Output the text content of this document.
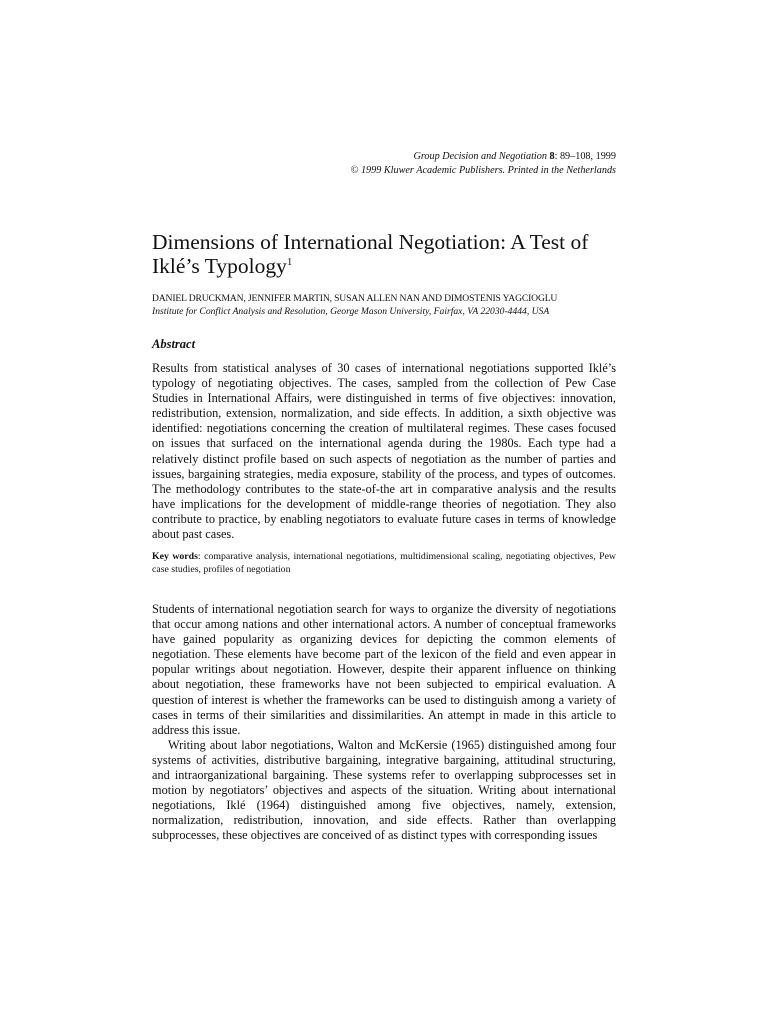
Group Decision and Negotiation 8: 89–108, 1999
© 1999 Kluwer Academic Publishers. Printed in the Netherlands
Dimensions of International Negotiation: A Test of Iklé’s Typology$^1$
DANIEL DRUCKMAN, JENNIFER MARTIN, SUSAN ALLEN NAN AND DIMOSTENIS YAGCIOGLU
Institute for Conflict Analysis and Resolution, George Mason University, Fairfax, VA 22030-4444, USA
Abstract

Results from statistical analyses of 30 cases of international negotiations supported Iklé’s typology of negotiating objectives. The cases, sampled from the collection of Pew Case Studies in International Affairs, were distinguished in terms of five objectives: innovation, redistribution, extension, normalization, and side effects. In addition, a sixth objective was identified: negotiations concerning the creation of multilateral regimes. These cases focused on issues that surfaced on the international agenda during the 1980s. Each type had a relatively distinct profile based on such aspects of negotiation as the number of parties and issues, bargaining strategies, media exposure, stability of the process, and types of outcomes. The methodology contributes to the state-of-the art in comparative analysis and the results have implications for the development of middle-range theories of negotiation. They also contribute to practice, by enabling negotiators to evaluate future cases in terms of knowledge about past cases.

Key words: comparative analysis, international negotiations, multidimensional scaling, negotiating objectives, Pew case studies, profiles of negotiation

Students of international negotiation search for ways to organize the diversity of negotiations that occur among nations and other international actors. A number of conceptual frameworks have gained popularity as organizing devices for depicting the common elements of negotiation. These elements have become part of the lexicon of the field and even appear in popular writings about negotiation. However, despite their apparent influence on thinking about negotiation, these frameworks have not been subjected to empirical evaluation. A question of interest is whether the frameworks can be used to distinguish among a variety of cases in terms of their similarities and dissimilarities. An attempt in made in this article to address this issue.

Writing about labor negotiations, Walton and McKersie (1965) distinguished among four systems of activities, distributive bargaining, integrative bargaining, attitudinal structuring, and intraorganizational bargaining. These systems refer to overlapping subprocesses set in motion by negotiators’ objectives and aspects of the situation. Writing about international negotiations, Iklé (1964) distinguished among five objectives, namely, extension, normalization, redistribution, innovation, and side effects. Rather than overlapping subprocesses, these objectives are conceived of as distinct types with corresponding issues
